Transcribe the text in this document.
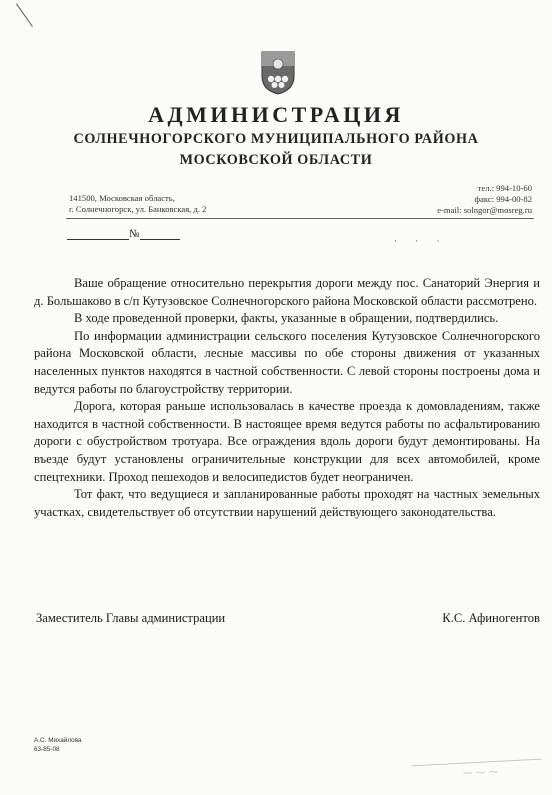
АДМИНИСТРАЦИЯ
СОЛНЕЧНОГОРСКОГО МУНИЦИПАЛЬНОГО РАЙОНА
МОСКОВСКОЙ ОБЛАСТИ
141500, Московская область,
г. Солнечногорск, ул. Банковская, д. 2
тел.: 994-10-60
факс: 994-00-82
e-mail: solngor@mosreg.ru
№
· · ·

Ваше обращение относительно перекрытия дороги между пос. Санаторий Энергия и д. Большаково в с/п Кутузовское Солнечногорского района Московской области рассмотрено.

В ходе проведенной проверки, факты, указанные в обращении, подтвердились.

По информации администрации сельского поселения Кутузовское Солнечногорского района Московской области, лесные массивы по обе стороны движения от указанных населенных пунктов находятся в частной собственности. С левой стороны построены дома и ведутся работы по благоустройству территории.

Дорога, которая раньше использовалась в качестве проезда к домовладениям, также находится в частной собственности. В настоящее время ведутся работы по асфальтированию дороги с обустройством тротуара. Все ограждения вдоль дороги будут демонтированы. На въезде будут установлены ограничительные конструкции для всех автомобилей, кроме спецтехники. Проход пешеходов и велосипедистов будет неограничен.

Тот факт, что ведущиеся и запланированные работы проходят на частных земельных участках, свидетельствует об отсутствии нарушений действующего законодательства.

Заместитель Главы администрации	К.С. Афиногентов
А.С. Михайлова
63-85-08
~~~
